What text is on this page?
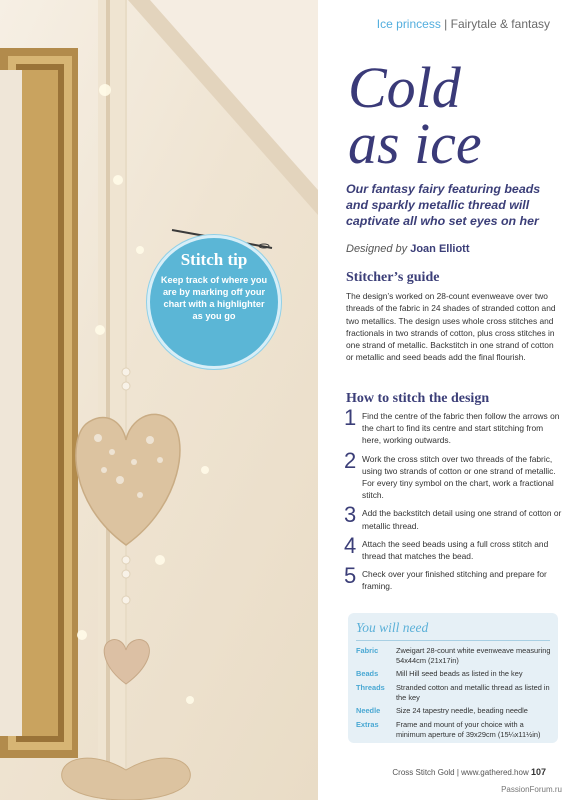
Stitch tip
Keep track of where you are by marking off your chart with a highlighter as you go
Ice princess | Fairytale & fantasy
Cold
as ice

Our fantasy fairy featuring beads and sparkly metallic thread will captivate all who set eyes on her

Designed by Joan Elliott
Stitcher’s guide

The design’s worked on 28-count evenweave over two threads of the fabric in 24 shades of stranded cotton and two metallics. The design uses whole cross stitches and fractionals in two strands of cotton, plus cross stitches in one strand of metallic. Backstitch in one strand of cotton or metallic and seed beads add the final flourish.

How to stitch the design
1 Find the centre of the fabric then follow the arrows on the chart to find its centre and start stitching from here, working outwards.
2 Work the cross stitch over two threads of the fabric, using two strands of cotton or one strand of metallic. For every tiny symbol on the chart, work a fractional stitch.
3 Add the backstitch detail using one strand of cotton or metallic thread.
4 Attach the seed beads using a full cross stitch and thread that matches the bead.
5 Check over your finished stitching and prepare for framing.
You will need
Fabric	Zweigart 28-count white evenweave measuring 54x44cm (21x17in)
Beads	Mill Hill seed beads as listed in the key
Threads	Stranded cotton and metallic thread as listed in the key
Needle	Size 24 tapestry needle, beading needle
Extras	Frame and mount of your choice with a minimum aperture of 39x29cm (15¼x11½in)
Cross Stitch Gold | www.gathered.how 107
PassionForum.ru
